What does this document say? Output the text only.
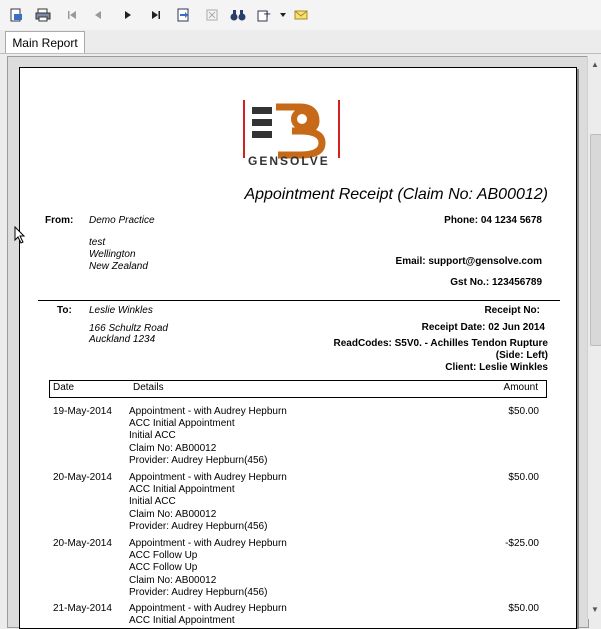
+
Main Report
▲
▼
GENSOLVE
Appointment Receipt (Claim No: AB00012)
From: Demo Practice
test
Wellington
New Zealand
Phone: 04 1234 5678
Email: support@gensolve.com
Gst No.: 123456789
To: Leslie Winkles
166 Schultz Road
Auckland 1234
Receipt No:
Receipt Date: 02 Jun 2014
ReadCodes: S5V0. - Achilles Tendon Rupture
(Side: Left)
Client: Leslie Winkles
Date	Details	Amount
19-May-2014 Appointment - with Audrey Hepburn
ACC Initial Appointment
Initial ACC
Claim No: AB00012
Provider: Audrey Hepburn(456)
$50.00
20-May-2014 Appointment - with Audrey Hepburn
ACC Initial Appointment
Initial ACC
Claim No: AB00012
Provider: Audrey Hepburn(456)
$50.00
20-May-2014 Appointment - with Audrey Hepburn
ACC Follow Up
ACC Follow Up
Claim No: AB00012
Provider: Audrey Hepburn(456)
-$25.00
21-May-2014 Appointment - with Audrey Hepburn
ACC Initial Appointment
$50.00
